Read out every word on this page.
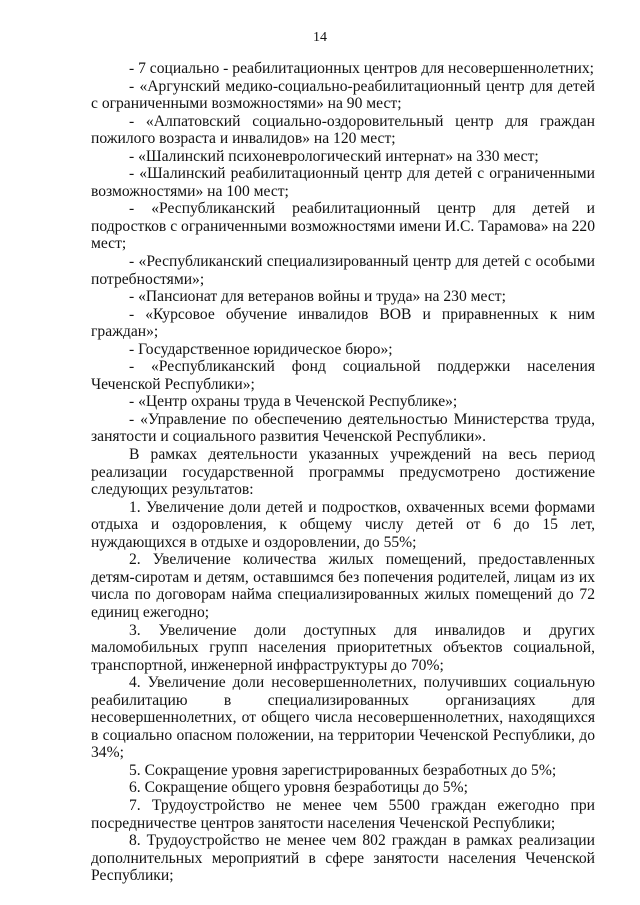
14

- 7 социально - реабилитационных центров для несовершеннолетних;

- «Аргунский медико-социально-реабилитационный центр для детей с ограниченными возможностями» на 90 мест;

- «Алпатовский социально-оздоровительный центр для граждан пожилого возраста и инвалидов» на 120 мест;

- «Шалинский психоневрологический интернат» на 330 мест;

- «Шалинский реабилитационный центр для детей с ограниченными возможностями» на 100 мест;

- «Республиканский реабилитационный центр для детей и подростков с ограниченными возможностями имени И.С. Тарамова» на 220 мест;

- «Республиканский специализированный центр для детей с особыми потребностями»;

- «Пансионат для ветеранов войны и труда» на 230 мест;

- «Курсовое обучение инвалидов ВОВ и приравненных к ним граждан»;

- Государственное юридическое бюро»;

- «Республиканский фонд социальной поддержки населения Чеченской Республики»;

- «Центр охраны труда в Чеченской Республике»;

- «Управление по обеспечению деятельностью Министерства труда, занятости и социального развития Чеченской Республики».

В рамках деятельности указанных учреждений на весь период реализации государственной программы предусмотрено достижение следующих результатов:

1. Увеличение доли детей и подростков, охваченных всеми формами отдыха и оздоровления, к общему числу детей от 6 до 15 лет, нуждающихся в отдыхе и оздоровлении, до 55%;

2. Увеличение количества жилых помещений, предоставленных детям-сиротам и детям, оставшимся без попечения родителей, лицам из их числа по договорам найма специализированных жилых помещений до 72 единиц ежегодно;

3. Увеличение доли доступных для инвалидов и других маломобильных групп населения приоритетных объектов социальной, транспортной, инженерной инфраструктуры до 70%;

4. Увеличение доли несовершеннолетних, получивших социальную реабилитацию в специализированных организациях для несовершеннолетних, от общего числа несовершеннолетних, находящихся в социально опасном положении, на территории Чеченской Республики, до 34%;

5. Сокращение уровня зарегистрированных безработных до 5%;

6. Сокращение общего уровня безработицы до 5%;

7. Трудоустройство не менее чем 5500 граждан ежегодно при посредничестве центров занятости населения Чеченской Республики;

8. Трудоустройство не менее чем 802 граждан в рамках реализации дополнительных мероприятий в сфере занятости населения Чеченской Республики;
